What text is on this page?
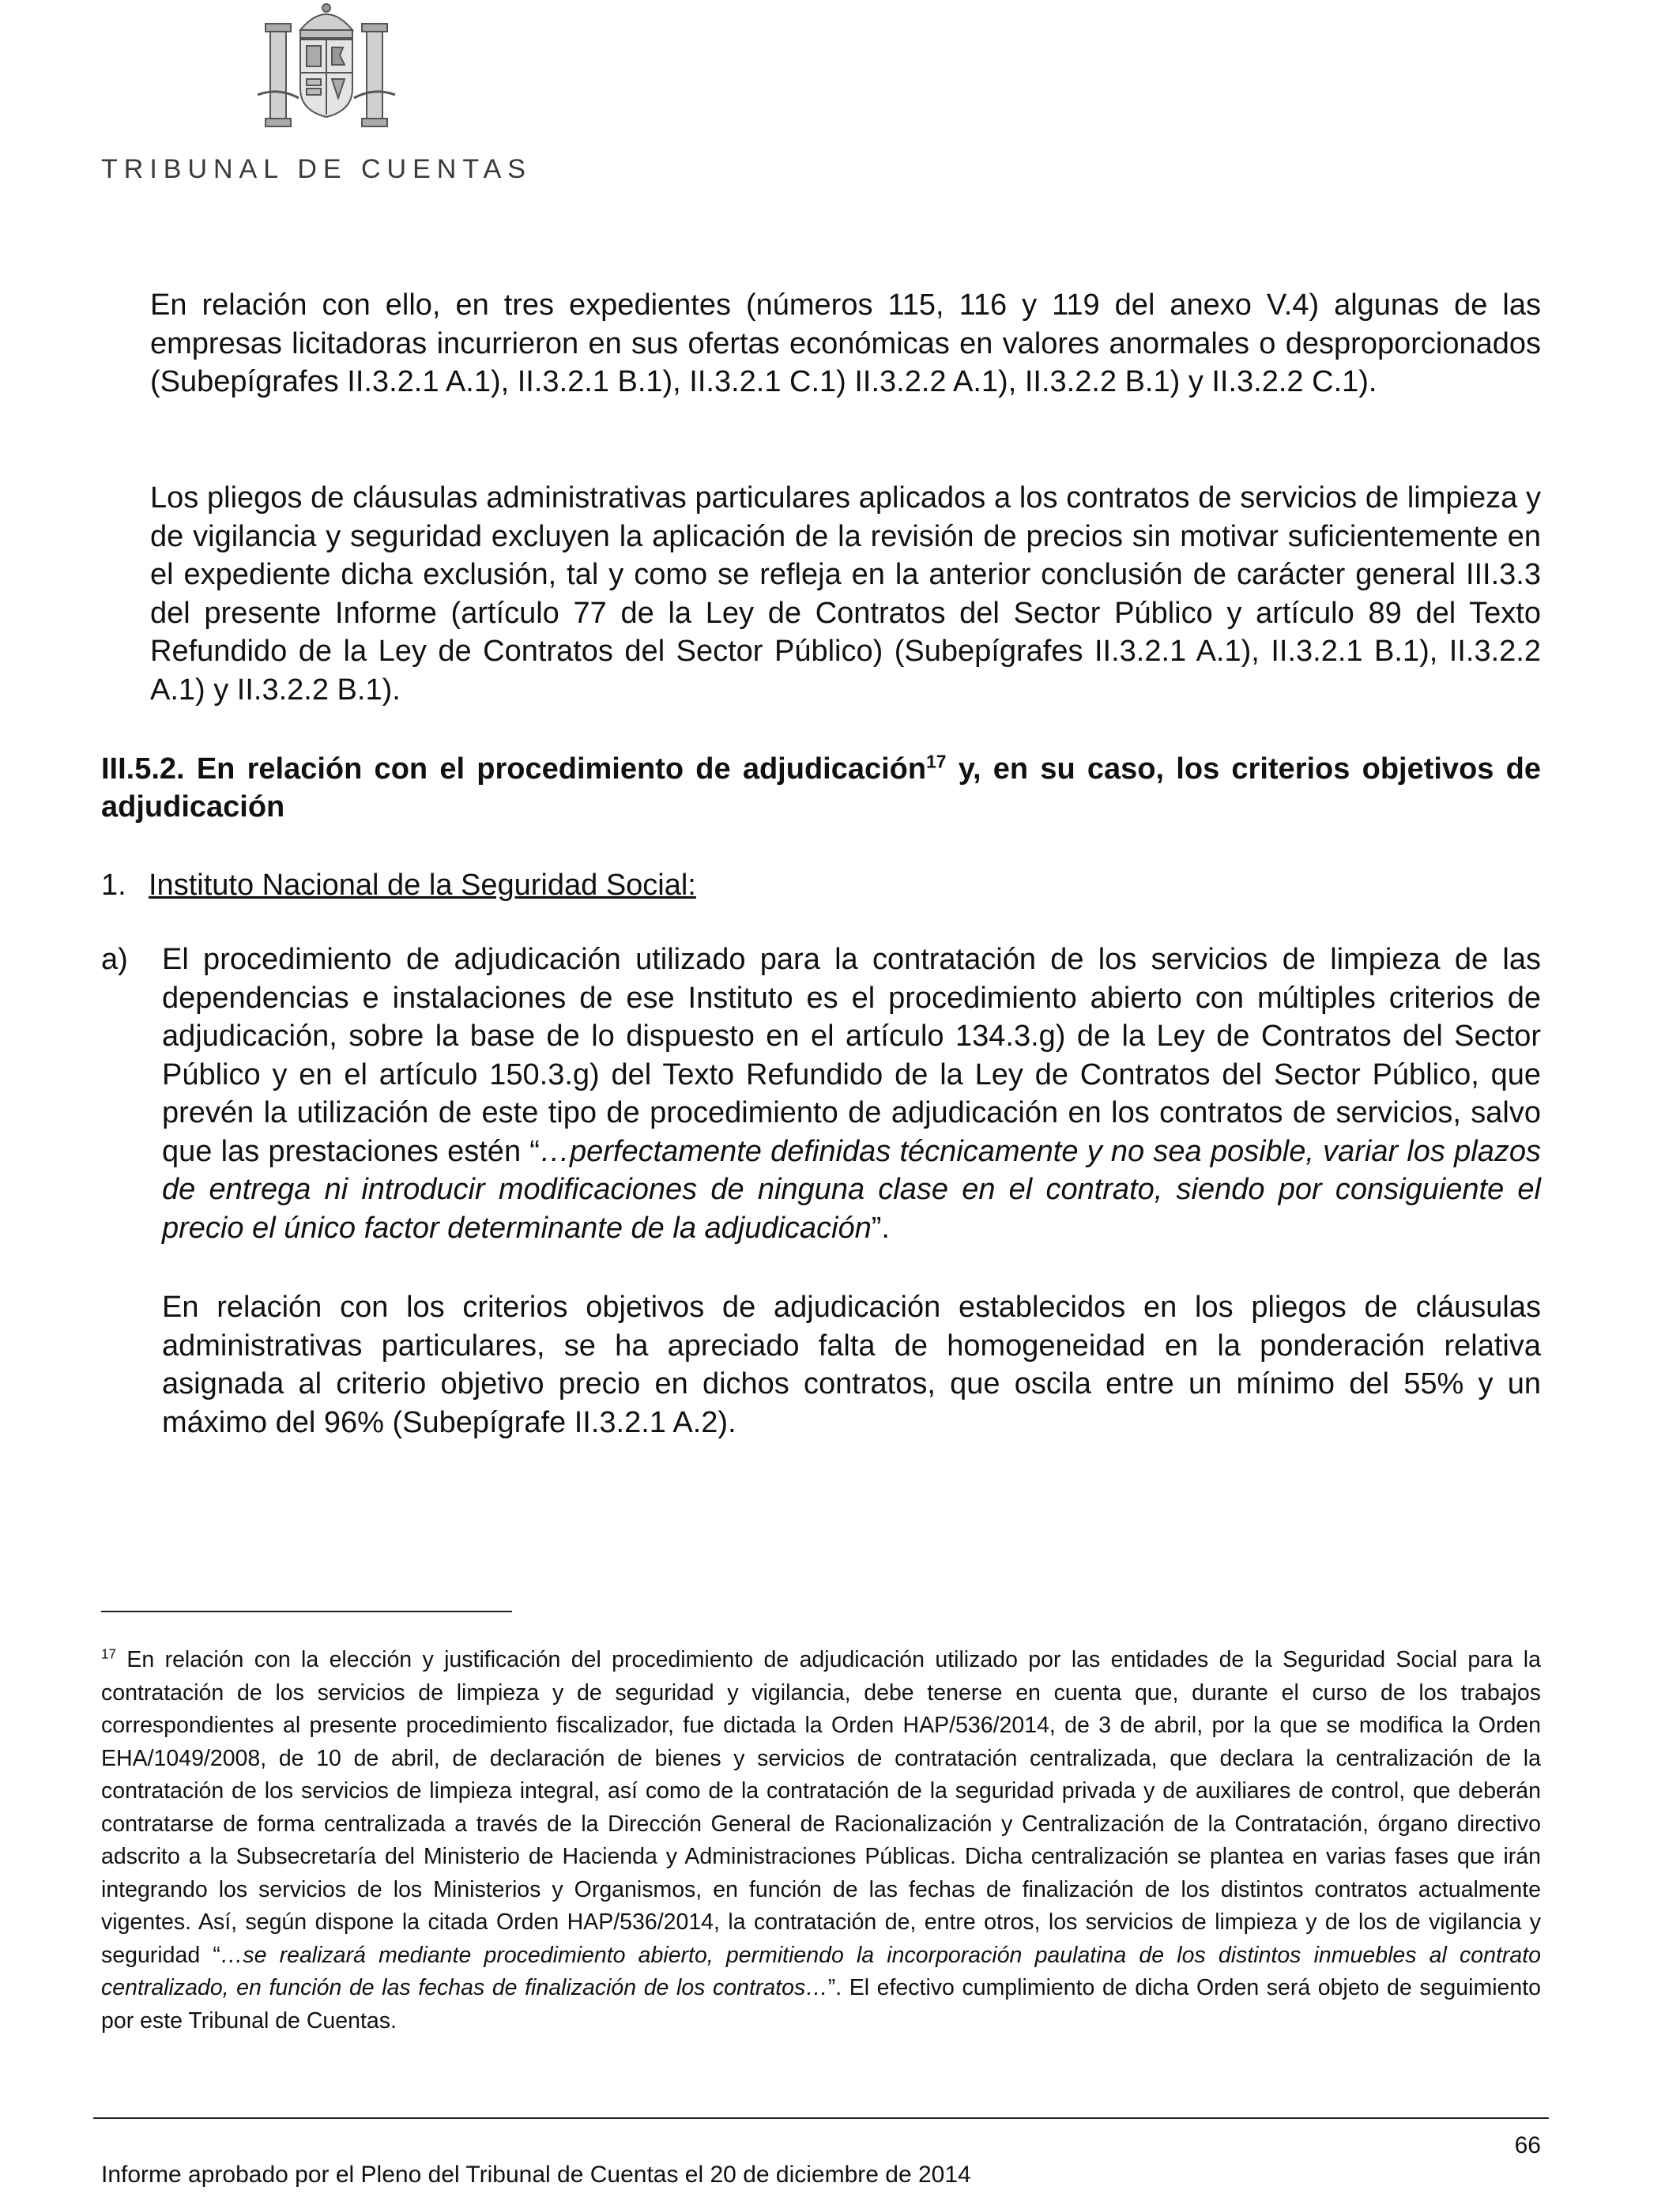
TRIBUNAL DE CUENTAS
En relación con ello, en tres expedientes (números 115, 116 y 119 del anexo V.4) algunas de las empresas licitadoras incurrieron en sus ofertas económicas en valores anormales o desproporcionados (Subepígrafes II.3.2.1 A.1), II.3.2.1 B.1), II.3.2.1 C.1) II.3.2.2 A.1), II.3.2.2 B.1) y II.3.2.2 C.1).
Los pliegos de cláusulas administrativas particulares aplicados a los contratos de servicios de limpieza y de vigilancia y seguridad excluyen la aplicación de la revisión de precios sin motivar suficientemente en el expediente dicha exclusión, tal y como se refleja en la anterior conclusión de carácter general III.3.3 del presente Informe (artículo 77 de la Ley de Contratos del Sector Público y artículo 89 del Texto Refundido de la Ley de Contratos del Sector Público) (Subepígrafes II.3.2.1 A.1), II.3.2.1 B.1), II.3.2.2 A.1) y II.3.2.2 B.1).
III.5.2. En relación con el procedimiento de adjudicación$^{17}$ y, en su caso, los criterios objetivos de adjudicación
1. Instituto Nacional de la Seguridad Social:
a) El procedimiento de adjudicación utilizado para la contratación de los servicios de limpieza de las dependencias e instalaciones de ese Instituto es el procedimiento abierto con múltiples criterios de adjudicación, sobre la base de lo dispuesto en el artículo 134.3.g) de la Ley de Contratos del Sector Público y en el artículo 150.3.g) del Texto Refundido de la Ley de Contratos del Sector Público, que prevén la utilización de este tipo de procedimiento de adjudicación en los contratos de servicios, salvo que las prestaciones estén “…perfectamente definidas técnicamente y no sea posible, variar los plazos de entrega ni introducir modificaciones de ninguna clase en el contrato, siendo por consiguiente el precio el único factor determinante de la adjudicación”.
En relación con los criterios objetivos de adjudicación establecidos en los pliegos de cláusulas administrativas particulares, se ha apreciado falta de homogeneidad en la ponderación relativa asignada al criterio objetivo precio en dichos contratos, que oscila entre un mínimo del 55% y un máximo del 96% (Subepígrafe II.3.2.1 A.2).
$^{17}$ En relación con la elección y justificación del procedimiento de adjudicación utilizado por las entidades de la Seguridad Social para la contratación de los servicios de limpieza y de seguridad y vigilancia, debe tenerse en cuenta que, durante el curso de los trabajos correspondientes al presente procedimiento fiscalizador, fue dictada la Orden HAP/536/2014, de 3 de abril, por la que se modifica la Orden EHA/1049/2008, de 10 de abril, de declaración de bienes y servicios de contratación centralizada, que declara la centralización de la contratación de los servicios de limpieza integral, así como de la contratación de la seguridad privada y de auxiliares de control, que deberán contratarse de forma centralizada a través de la Dirección General de Racionalización y Centralización de la Contratación, órgano directivo adscrito a la Subsecretaría del Ministerio de Hacienda y Administraciones Públicas. Dicha centralización se plantea en varias fases que irán integrando los servicios de los Ministerios y Organismos, en función de las fechas de finalización de los distintos contratos actualmente vigentes. Así, según dispone la citada Orden HAP/536/2014, la contratación de, entre otros, los servicios de limpieza y de los de vigilancia y seguridad “…se realizará mediante procedimiento abierto, permitiendo la incorporación paulatina de los distintos inmuebles al contrato centralizado, en función de las fechas de finalización de los contratos…”. El efectivo cumplimiento de dicha Orden será objeto de seguimiento por este Tribunal de Cuentas.
66
Informe aprobado por el Pleno del Tribunal de Cuentas el 20 de diciembre de 2014
